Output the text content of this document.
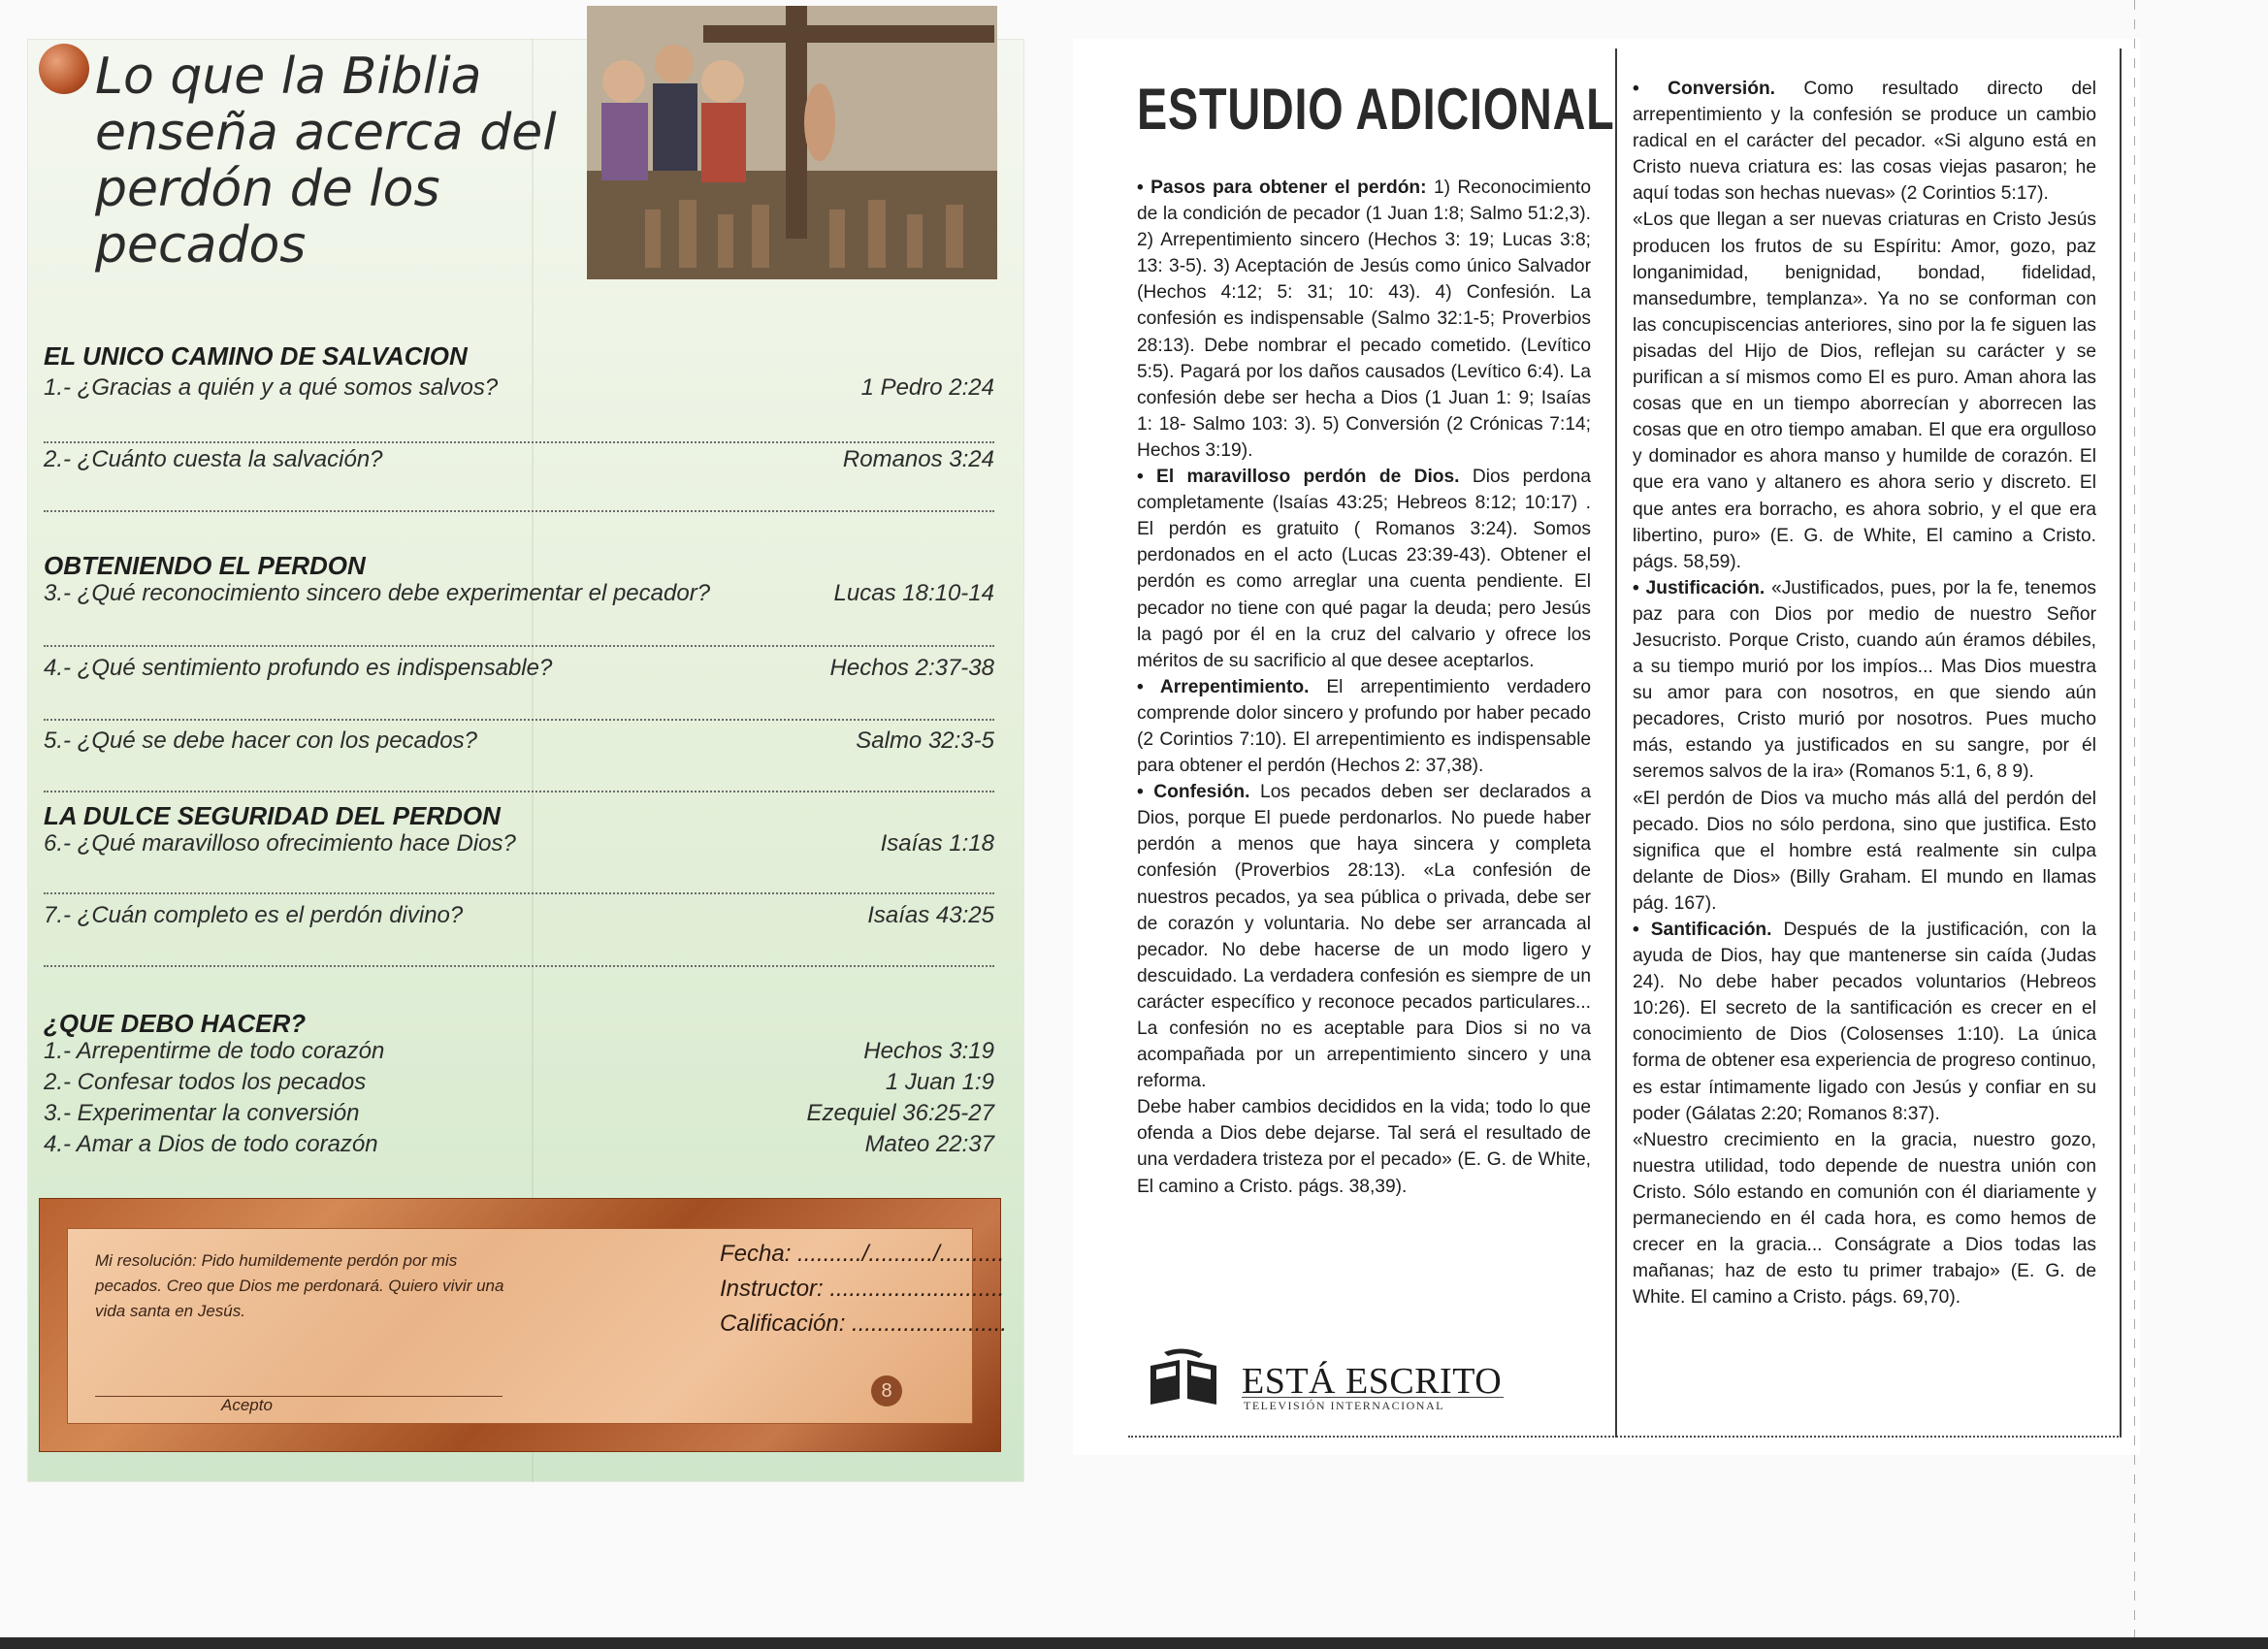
Lo que la Biblia enseña acerca del perdón de los pecados
EL UNICO CAMINO DE SALVACION
1.- ¿Gracias a quién y a qué somos salvos?	1 Pedro 2:24
2.- ¿Cuánto cuesta la salvación?	Romanos 3:24
OBTENIENDO EL PERDON
3.- ¿Qué reconocimiento sincero debe experimentar el pecador?	Lucas 18:10-14
4.- ¿Qué sentimiento profundo es indispensable?	Hechos 2:37-38
5.- ¿Qué se debe hacer con los pecados?	Salmo 32:3-5
LA DULCE SEGURIDAD DEL PERDON
6.- ¿Qué maravilloso ofrecimiento hace Dios?	Isaías 1:18
7.- ¿Cuán completo es el perdón divino?	Isaías 43:25
¿QUE DEBO HACER?
1.- Arrepentirme de todo corazón	Hechos 3:19
2.- Confesar todos los pecados	1 Juan 1:9
3.- Experimentar la conversión	Ezequiel 36:25-27
4.- Amar a Dios de todo corazón	Mateo 22:37
Mi resolución: Pido humildemente perdón por mis pecados. Creo que Dios me perdonará. Quiero vivir una vida santa en Jesús.
Acepto
Fecha: ........../........../..........
Instructor: ...........................
Calificación: ........................
8
ESTUDIO ADICIONAL

• Pasos para obtener el perdón: 1) Reconocimiento de la condición de pecador (1 Juan 1:8; Salmo 51:2,3). 2) Arrepentimiento sincero (Hechos 3: 19; Lucas 3:8; 13: 3-5). 3) Aceptación de Jesús como único Salvador (Hechos 4:12; 5: 31; 10: 43). 4) Confesión. La confesión es indispensable (Salmo 32:1-5; Proverbios 28:13). Debe nombrar el pecado cometido. (Levítico 5:5). Pagará por los daños causados (Levítico 6:4). La confesión debe ser hecha a Dios (1 Juan 1: 9; Isaías 1: 18- Salmo 103: 3). 5) Conversión (2 Crónicas 7:14; Hechos 3:19).

• El maravilloso perdón de Dios. Dios perdona completamente (Isaías 43:25; Hebreos 8:12; 10:17) . El perdón es gratuito ( Romanos 3:24). Somos perdonados en el acto (Lucas 23:39-43). Obtener el perdón es como arreglar una cuenta pendiente. El pecador no tiene con qué pagar la deuda; pero Jesús la pagó por él en la cruz del calvario y ofrece los méritos de su sacrificio al que desee aceptarlos.

• Arrepentimiento. El arrepentimiento verdadero comprende dolor sincero y profundo por haber pecado (2 Corintios 7:10). El arrepentimiento es indispensable para obtener el perdón (Hechos 2: 37,38).

• Confesión. Los pecados deben ser declarados a Dios, porque El puede perdonarlos. No puede haber perdón a menos que haya sincera y completa confesión (Proverbios 28:13). «La confesión de nuestros pecados, ya sea pública o privada, debe ser de corazón y voluntaria. No debe ser arrancada al pecador. No debe hacerse de un modo ligero y descuidado. La verdadera confesión es siempre de un carácter específico y reconoce pecados particulares... La confesión no es aceptable para Dios si no va acompañada por un arrepentimiento sincero y una reforma.

Debe haber cambios decididos en la vida; todo lo que ofenda a Dios debe dejarse. Tal será el resultado de una verdadera tristeza por el pecado» (E. G. de White, El camino a Cristo. págs. 38,39).

• Conversión. Como resultado directo del arrepentimiento y la confesión se produce un cambio radical en el carácter del pecador. «Si alguno está en Cristo nueva criatura es: las cosas viejas pasaron; he aquí todas son hechas nuevas» (2 Corintios 5:17).

«Los que llegan a ser nuevas criaturas en Cristo Jesús producen los frutos de su Espíritu: Amor, gozo, paz longanimidad, benignidad, bondad, fidelidad, mansedumbre, templanza». Ya no se conforman con las concupiscencias anteriores, sino por la fe siguen las pisadas del Hijo de Dios, reflejan su carácter y se purifican a sí mismos como El es puro. Aman ahora las cosas que en un tiempo aborrecían y aborrecen las cosas que en otro tiempo amaban. El que era orgulloso y dominador es ahora manso y humilde de corazón. El que era vano y altanero es ahora serio y discreto. El que antes era borracho, es ahora sobrio, y el que era libertino, puro» (E. G. de White, El camino a Cristo. págs. 58,59).

• Justificación. «Justificados, pues, por la fe, tenemos paz para con Dios por medio de nuestro Señor Jesucristo. Porque Cristo, cuando aún éramos débiles, a su tiempo murió por los impíos... Mas Dios muestra su amor para con nosotros, en que siendo aún pecadores, Cristo murió por nosotros. Pues mucho más, estando ya justificados en su sangre, por él seremos salvos de la ira» (Romanos 5:1, 6, 8 9).

«El perdón de Dios va mucho más allá del perdón del pecado. Dios no sólo perdona, sino que justifica. Esto significa que el hombre está realmente sin culpa delante de Dios» (Billy Graham. El mundo en llamas pág. 167).

• Santificación. Después de la justificación, con la ayuda de Dios, hay que mantenerse sin caída (Judas 24). No debe haber pecados voluntarios (Hebreos 10:26). El secreto de la santificación es crecer en el conocimiento de Dios (Colosenses 1:10). La única forma de obtener esa experiencia de progreso continuo, es estar íntimamente ligado con Jesús y confiar en su poder (Gálatas 2:20; Romanos 8:37).

«Nuestro crecimiento en la gracia, nuestro gozo, nuestra utilidad, todo depende de nuestra unión con Cristo. Sólo estando en comunión con él diariamente y permaneciendo en él cada hora, es como hemos de crecer en la gracia... Conságrate a Dios todas las mañanas; haz de esto tu primer trabajo» (E. G. de White. El camino a Cristo. págs. 69,70).

ESTÁ ESCRITO
TELEVISIÓN INTERNACIONAL
